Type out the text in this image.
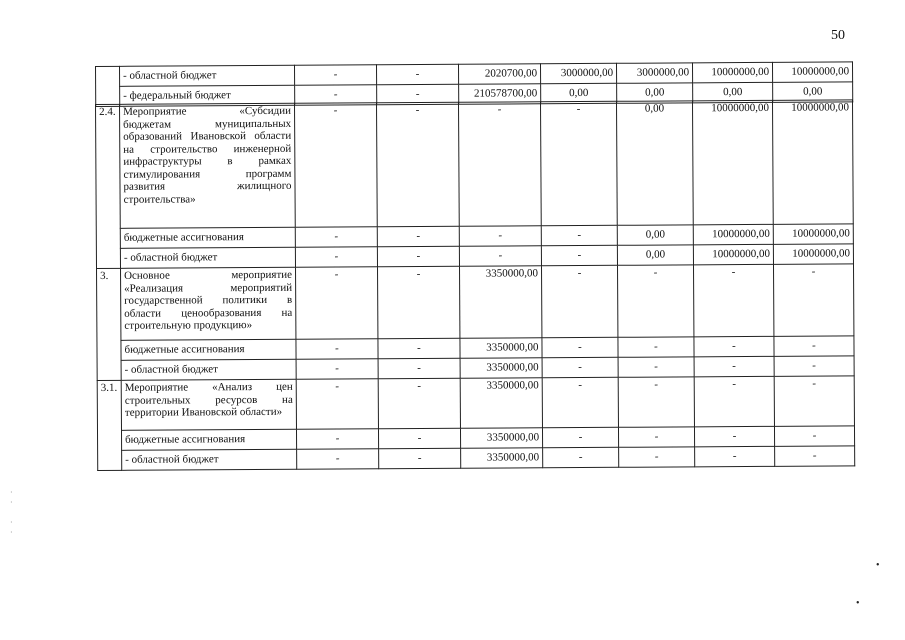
50
	- областной бюджет	-	-	2020700,00	3000000,00	3000000,00	10000000,00	10000000,00
	- федеральный бюджет	-	-	210578700,00	0,00	0,00	0,00	0,00
2.4.	Мероприятие «Субсидии бюджетам муниципальных образований Ивановской области на строительство инженерной инфраструктуры в рамках стимулирования программ развития жилищного строительства»	-	-	-	-	0,00	10000000,00	10000000,00
	бюджетные ассигнования	-	-	-	-	0,00	10000000,00	10000000,00
	- областной бюджет	-	-	-	-	0,00	10000000,00	10000000,00
3.	Основное мероприятие «Реализация мероприятий государственной политики в области ценообразования на строительную продукцию»	-	-	3350000,00	-	-	-	-
	бюджетные ассигнования	-	-	3350000,00	-	-	-	-
	- областной бюджет	-	-	3350000,00	-	-	-	-
3.1.	Мероприятие «Анализ цен строительных ресурсов на территории Ивановской области»	-	-	3350000,00	-	-	-	-
	бюджетные ассигнования	-	-	3350000,00	-	-	-	-
	- областной бюджет	-	-	3350000,00	-	-	-	-
·
·

·
·
•
•
